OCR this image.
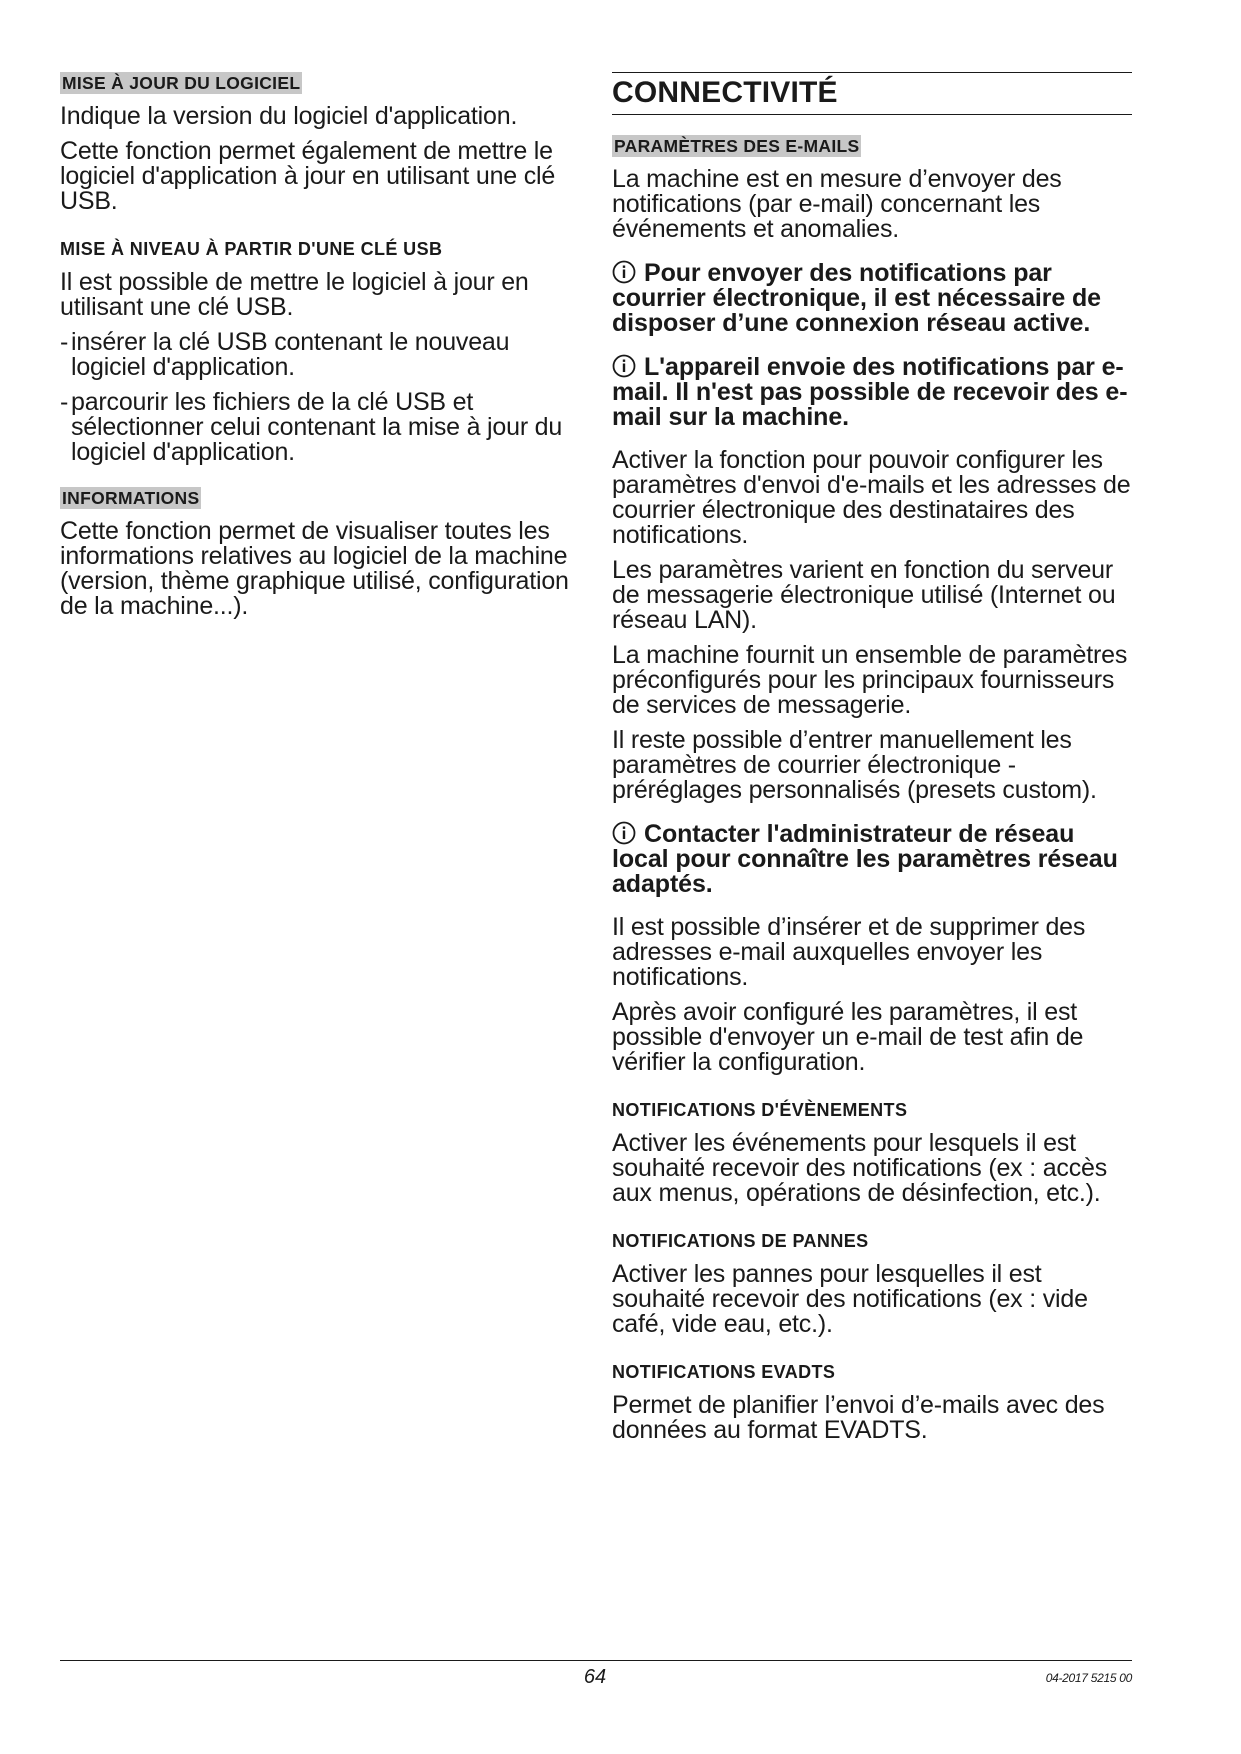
MISE À JOUR DU LOGICIEL

Indique la version du logiciel d'application.

Cette fonction permet également de mettre le logiciel d'application à jour en utilisant une clé USB.

MISE À NIVEAU À PARTIR D'UNE CLÉ USB

Il est possible de mettre le logiciel à jour en utilisant une clé USB.

- insérer la clé USB contenant le nouveau logiciel d'application.

- parcourir les fichiers de la clé USB et sélectionner celui contenant la mise à jour du logiciel d'application.

INFORMATIONS

Cette fonction permet de visualiser toutes les informations relatives au logiciel de la machine (version, thème graphique utilisé, configuration de la machine...).

CONNECTIVITÉ
PARAMÈTRES DES E-MAILS

La machine est en mesure d’envoyer des notifications (par e-mail) concernant les événements et anomalies.

Pour envoyer des notifications par courrier électronique, il est nécessaire de disposer d’une connexion réseau active.

L'appareil envoie des notifications par e-mail. Il n'est pas possible de recevoir des e-mail sur la machine.

Activer la fonction pour pouvoir configurer les paramètres d'envoi d'e-mails et les adresses de courrier électronique des destinataires des notifications.

Les paramètres varient en fonction du serveur de messagerie électronique utilisé (Internet ou réseau LAN).

La machine fournit un ensemble de paramètres préconfigurés pour les principaux fournisseurs de services de messagerie.

Il reste possible d’entrer manuellement les paramètres de courrier électronique - préréglages personnalisés (presets custom).

Contacter l'administrateur de réseau local pour connaître les paramètres réseau adaptés.

Il est possible d’insérer et de supprimer des adresses e-mail auxquelles envoyer les notifications.

Après avoir configuré les paramètres, il est possible d'envoyer un e-mail de test afin de vérifier la configuration.

NOTIFICATIONS D'ÉVÈNEMENTS

Activer les événements pour lesquels il est souhaité recevoir des notifications (ex : accès aux menus, opérations de désinfection, etc.).

NOTIFICATIONS DE PANNES

Activer les pannes pour lesquelles il est souhaité recevoir des notifications (ex : vide café, vide eau, etc.).

NOTIFICATIONS EVADTS

Permet de planifier l’envoi d’e-mails avec des données au format EVADTS.

64	04-2017 5215 00
